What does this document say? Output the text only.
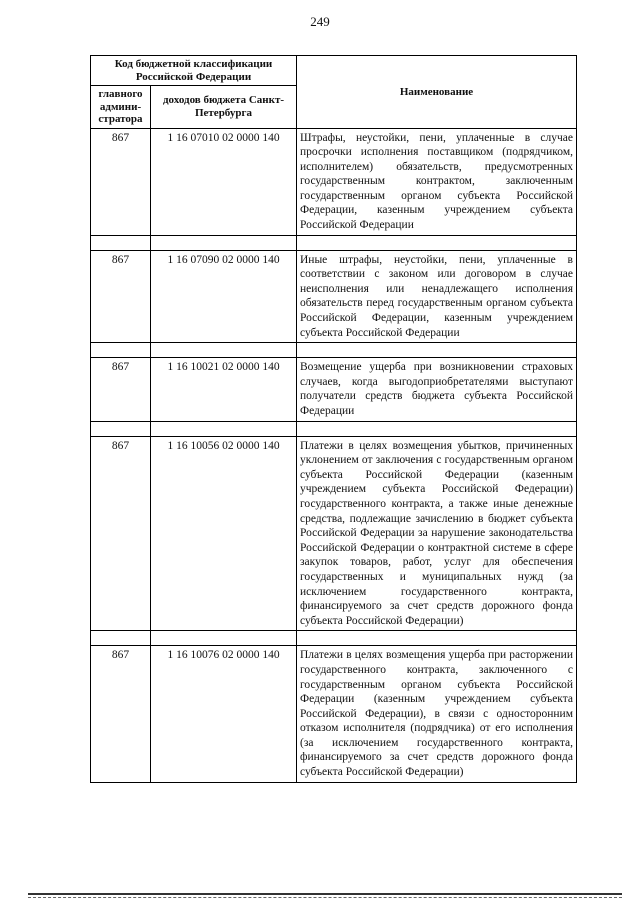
249
Код бюджетной классификации Российской Федерации		Наименование
главного админи-стратора	доходов бюджета Санкт-Петербурга	
867	1 16 07010 02 0000 140	Штрафы, неустойки, пени, уплаченные в случае просрочки исполнения поставщиком (подрядчиком, исполнителем) обязательств, предусмотренных государственным контрактом, заключенным государственным органом субъекта Российской Федерации, казенным учреждением субъекта Российской Федерации

867	1 16 07090 02 0000 140	Иные штрафы, неустойки, пени, уплаченные в соответствии с законом или договором в случае неисполнения или ненадлежащего исполнения обязательств перед государственным органом субъекта Российской Федерации, казенным учреждением субъекта Российской Федерации

867	1 16 10021 02 0000 140	Возмещение ущерба при возникновении страховых случаев, когда выгодоприобретателями выступают получатели средств бюджета субъекта Российской Федерации

867	1 16 10056 02 0000 140	Платежи в целях возмещения убытков, причиненных уклонением от заключения с государственным органом субъекта Российской Федерации (казенным учреждением субъекта Российской Федерации) государственного контракта, а также иные денежные средства, подлежащие зачислению в бюджет субъекта Российской Федерации за нарушение законодательства Российской Федерации о контрактной системе в сфере закупок товаров, работ, услуг для обеспечения государственных и муниципальных нужд (за исключением государственного контракта, финансируемого за счет средств дорожного фонда субъекта Российской Федерации)

867	1 16 10076 02 0000 140	Платежи в целях возмещения ущерба при расторжении государственного контракта, заключенного с государственным органом субъекта Российской Федерации (казенным учреждением субъекта Российской Федерации), в связи с односторонним отказом исполнителя (подрядчика) от его исполнения (за исключением государственного контракта, финансируемого за счет средств дорожного фонда субъекта Российской Федерации)
